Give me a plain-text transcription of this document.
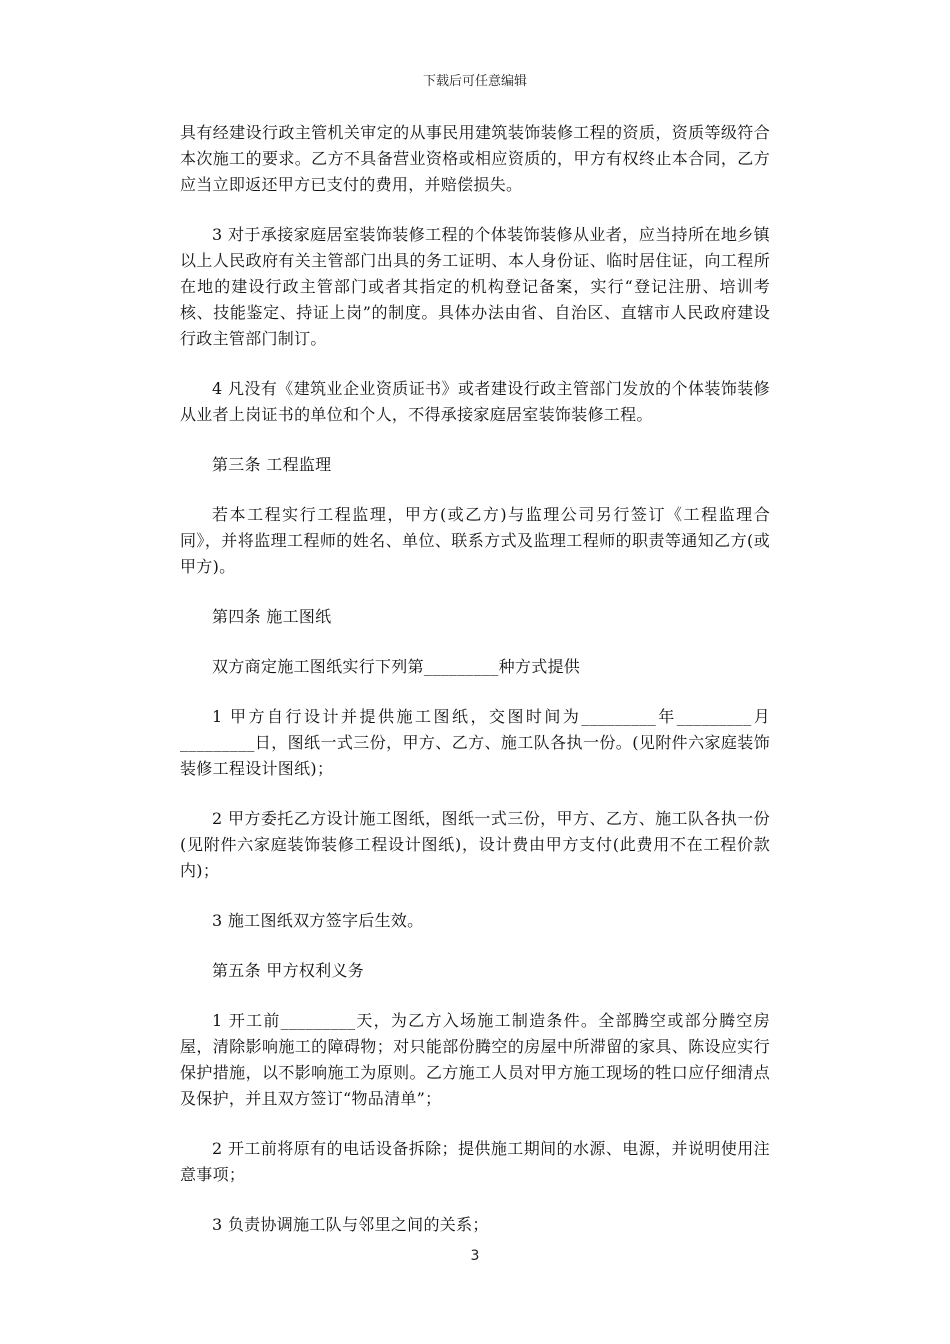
下载后可任意编辑

具有经建设行政主管机关审定的从事民用建筑装饰装修工程的资质，资质等级符合本次施工的要求。乙方不具备营业资格或相应资质的，甲方有权终止本合同，乙方应当立即返还甲方已支付的费用，并赔偿损失。

3 对于承接家庭居室装饰装修工程的个体装饰装修从业者，应当持所在地乡镇以上人民政府有关主管部门出具的务工证明、本人身份证、临时居住证，向工程所在地的建设行政主管部门或者其指定的机构登记备案，实行“登记注册、培训考核、技能鉴定、持证上岗”的制度。具体办法由省、自治区、直辖市人民政府建设行政主管部门制订。

4 凡没有《建筑业企业资质证书》或者建设行政主管部门发放的个体装饰装修从业者上岗证书的单位和个人，不得承接家庭居室装饰装修工程。

第三条 工程监理

若本工程实行工程监理，甲方(或乙方)与监理公司另行签订《工程监理合同》，并将监理工程师的姓名、单位、联系方式及监理工程师的职责等通知乙方(或甲方)。

第四条 施工图纸

双方商定施工图纸实行下列第_________种方式提供

1 甲方自行设计并提供施工图纸，交图时间为_________年_________月_________日，图纸一式三份，甲方、乙方、施工队各执一份。(见附件六家庭装饰装修工程设计图纸)；

2 甲方委托乙方设计施工图纸，图纸一式三份，甲方、乙方、施工队各执一份(见附件六家庭装饰装修工程设计图纸)，设计费由甲方支付(此费用不在工程价款内)；

3 施工图纸双方签字后生效。

第五条 甲方权利义务

1 开工前_________天，为乙方入场施工制造条件。全部腾空或部分腾空房屋，清除影响施工的障碍物；对只能部份腾空的房屋中所滞留的家具、陈设应实行保护措施，以不影响施工为原则。乙方施工人员对甲方施工现场的牲口应仔细清点及保护，并且双方签订“物品清单”；

2 开工前将原有的电话设备拆除；提供施工期间的水源、电源，并说明使用注意事项；

3 负责协调施工队与邻里之间的关系；

3
